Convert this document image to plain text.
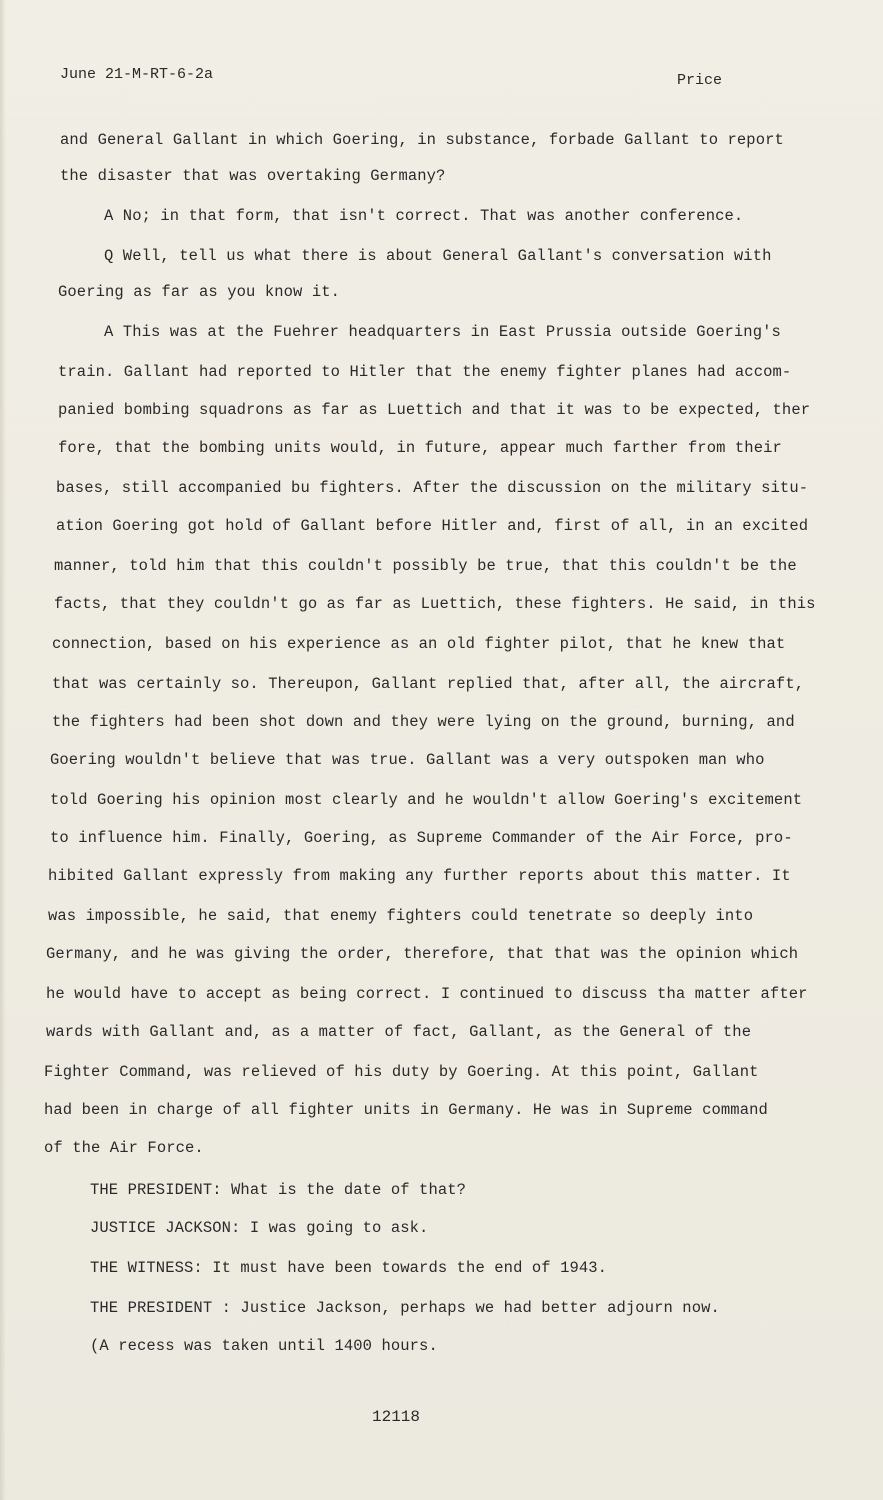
June 21-M-RT-6-2a	Price
and General Gallant in which Goering, in substance, forbade Gallant to report
the disaster that was overtaking Germany?
A No; in that form, that isn't correct. That was another conference.
Q Well, tell us what there is about General Gallant's conversation with
Goering as far as you know it.
A This was at the Fuehrer headquarters in East Prussia outside Goering's
train. Gallant had reported to Hitler that the enemy fighter planes had accom-
panied bombing squadrons as far as Luettich and that it was to be expected, ther
fore, that the bombing units would, in future, appear much farther from their
bases, still accompanied bu fighters. After the discussion on the military situ-
ation Goering got hold of Gallant before Hitler and, first of all, in an excited
manner, told him that this couldn't possibly be true, that this couldn't be the
facts, that they couldn't go as far as Luettich, these fighters. He said, in this
connection, based on his experience as an old fighter pilot, that he knew that
that was certainly so. Thereupon, Gallant replied that, after all, the aircraft,
the fighters had been shot down and they were lying on the ground, burning, and
Goering wouldn't believe that was true. Gallant was a very outspoken man who
told Goering his opinion most clearly and he wouldn't allow Goering's excitement
to influence him. Finally, Goering, as Supreme Commander of the Air Force, pro-
hibited Gallant expressly from making any further reports about this matter. It
was impossible, he said, that enemy fighters could tenetrate so deeply into
Germany, and he was giving the order, therefore, that that was the opinion which
he would have to accept as being correct. I continued to discuss tha matter after
wards with Gallant and, as a matter of fact, Gallant, as the General of the
Fighter Command, was relieved of his duty by Goering. At this point, Gallant
had been in charge of all fighter units in Germany. He was in Supreme command
of the Air Force.
THE PRESIDENT: What is the date of that?
JUSTICE JACKSON: I was going to ask.
THE WITNESS: It must have been towards the end of 1943.
THE PRESIDENT : Justice Jackson, perhaps we had better adjourn now.
(A recess was taken until 1400 hours.
12118
